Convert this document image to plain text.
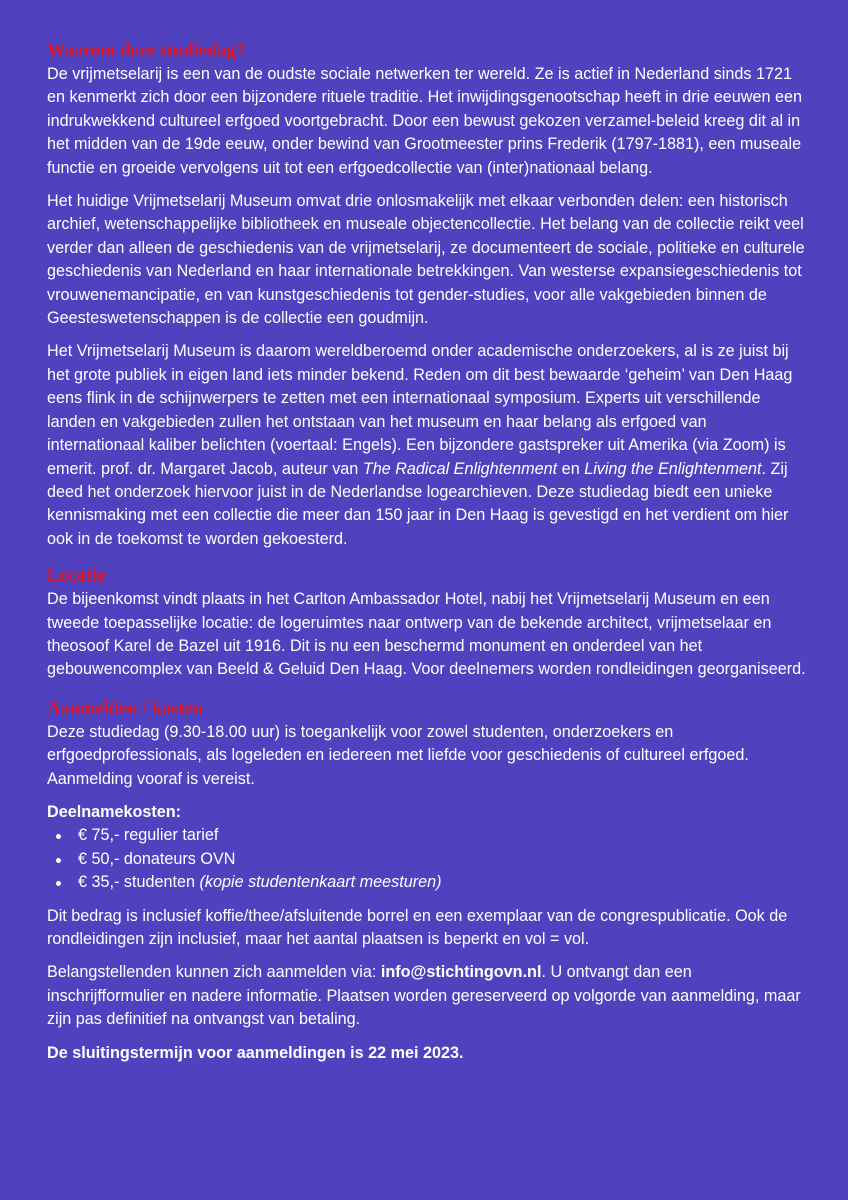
Waarom deze studiedag?

De vrijmetselarij is een van de oudste sociale netwerken ter wereld. Ze is actief in Nederland sinds 1721 en kenmerkt zich door een bijzondere rituele traditie. Het inwijdingsgenootschap heeft in drie eeuwen een indrukwekkend cultureel erfgoed voortgebracht. Door een bewust gekozen verzamel-beleid kreeg dit al in het midden van de 19de eeuw, onder bewind van Grootmeester prins Frederik (1797-1881), een museale functie en groeide vervolgens uit tot een erfgoedcollectie van (inter)nationaal belang.

Het huidige Vrijmetselarij Museum omvat drie onlosmakelijk met elkaar verbonden delen: een historisch archief, wetenschappelijke bibliotheek en museale objectencollectie. Het belang van de collectie reikt veel verder dan alleen de geschiedenis van de vrijmetselarij, ze documenteert de sociale, politieke en culturele geschiedenis van Nederland en haar internationale betrekkingen. Van westerse expansiegeschiedenis tot vrouwenemancipatie, en van kunstgeschiedenis tot gender-studies, voor alle vakgebieden binnen de Geesteswetenschappen is de collectie een goudmijn.

Het Vrijmetselarij Museum is daarom wereldberoemd onder academische onderzoekers, al is ze juist bij het grote publiek in eigen land iets minder bekend. Reden om dit best bewaarde ‘geheim’ van Den Haag eens flink in de schijnwerpers te zetten met een internationaal symposium. Experts uit verschillende landen en vakgebieden zullen het ontstaan van het museum en haar belang als erfgoed van internationaal kaliber belichten (voertaal: Engels). Een bijzondere gastspreker uit Amerika (via Zoom) is emerit. prof. dr. Margaret Jacob, auteur van The Radical Enlightenment en Living the Enlightenment. Zij deed het onderzoek hiervoor juist in de Nederlandse logearchieven. Deze studiedag biedt een unieke kennismaking met een collectie die meer dan 150 jaar in Den Haag is gevestigd en het verdient om hier ook in de toekomst te worden gekoesterd.

Locatie

De bijeenkomst vindt plaats in het Carlton Ambassador Hotel, nabij het Vrijmetselarij Museum en een tweede toepasselijke locatie: de logeruimtes naar ontwerp van de bekende architect, vrijmetselaar en theosoof Karel de Bazel uit 1916. Dit is nu een beschermd monument en onderdeel van het gebouwencomplex van Beeld & Geluid Den Haag. Voor deelnemers worden rondleidingen georganiseerd.

Aanmelden / kosten

Deze studiedag (9.30-18.00 uur) is toegankelijk voor zowel studenten, onderzoekers en erfgoedprofessionals, als logeleden en iedereen met liefde voor geschiedenis of cultureel erfgoed. Aanmelding vooraf is vereist.

Deelnamekosten:

€ 75,- regulier tarief
€ 50,- donateurs OVN
€ 35,- studenten (kopie studentenkaart meesturen)

Dit bedrag is inclusief koffie/thee/afsluitende borrel en een exemplaar van de congrespublicatie. Ook de rondleidingen zijn inclusief, maar het aantal plaatsen is beperkt en vol = vol.

Belangstellenden kunnen zich aanmelden via: info@stichtingovn.nl. U ontvangt dan een inschrijfformulier en nadere informatie. Plaatsen worden gereserveerd op volgorde van aanmelding, maar zijn pas definitief na ontvangst van betaling.

De sluitingstermijn voor aanmeldingen is 22 mei 2023.
